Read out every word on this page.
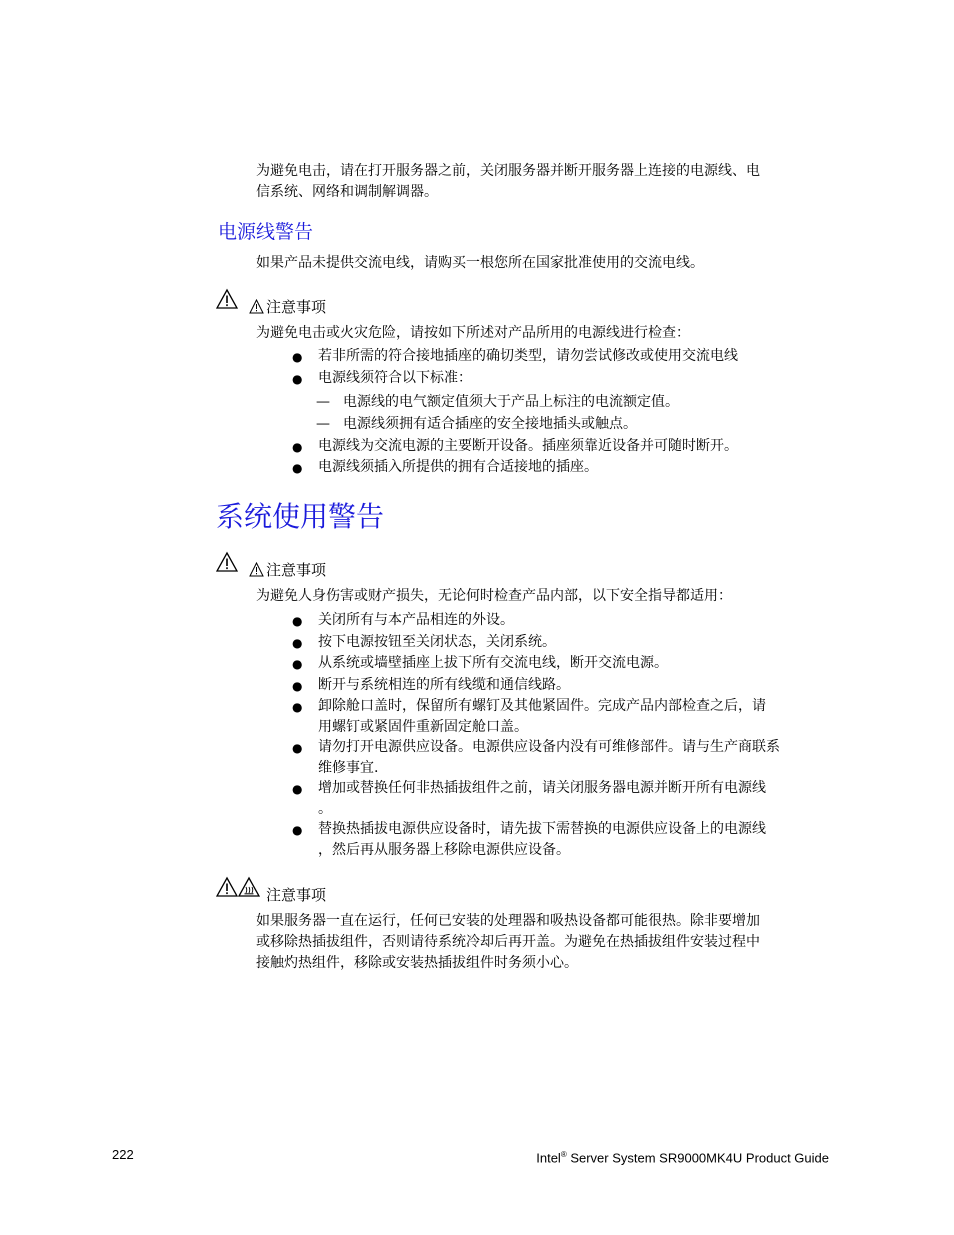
为避免电击，请在打开服务器之前，关闭服务器并断开服务器上连接的电源线、电
信系统、网络和调制解调器。
电源线警告
如果产品未提供交流电线，请购买一根您所在国家批准使用的交流电线。
注意事项
为避免电击或火灾危险，请按如下所述对产品所用的电源线进行检查：
● 若非所需的符合接地插座的确切类型，请勿尝试修改或使用交流电线
● 电源线须符合以下标准：
— 电源线的电气额定值须大于产品上标注的电流额定值。
— 电源线须拥有适合插座的安全接地插头或触点。
● 电源线为交流电源的主要断开设备。插座须靠近设备并可随时断开。
● 电源线须插入所提供的拥有合适接地的插座。
系统使用警告
注意事项
为避免人身伤害或财产损失，无论何时检查产品内部，以下安全指导都适用：
● 关闭所有与本产品相连的外设。
● 按下电源按钮至关闭状态，关闭系统。
● 从系统或墙壁插座上拔下所有交流电线，断开交流电源。
● 断开与系统相连的所有线缆和通信线路。
● 卸除舱口盖时，保留所有螺钉及其他紧固件。完成产品内部检查之后，请
用螺钉或紧固件重新固定舱口盖。
● 请勿打开电源供应设备。电源供应设备内没有可维修部件。请与生产商联系
维修事宜.
● 增加或替换任何非热插拔组件之前，请关闭服务器电源并断开所有电源线
。
● 替换热插拔电源供应设备时，请先拔下需替换的电源供应设备上的电源线
，然后再从服务器上移除电源供应设备。
注意事项
如果服务器一直在运行，任何已安装的处理器和吸热设备都可能很热。除非要增加
或移除热插拔组件，否则请待系统冷却后再开盖。为避免在热插拔组件安装过程中
接触灼热组件，移除或安装热插拔组件时务须小心。
222	Intel® Server System SR9000MK4U Product Guide
